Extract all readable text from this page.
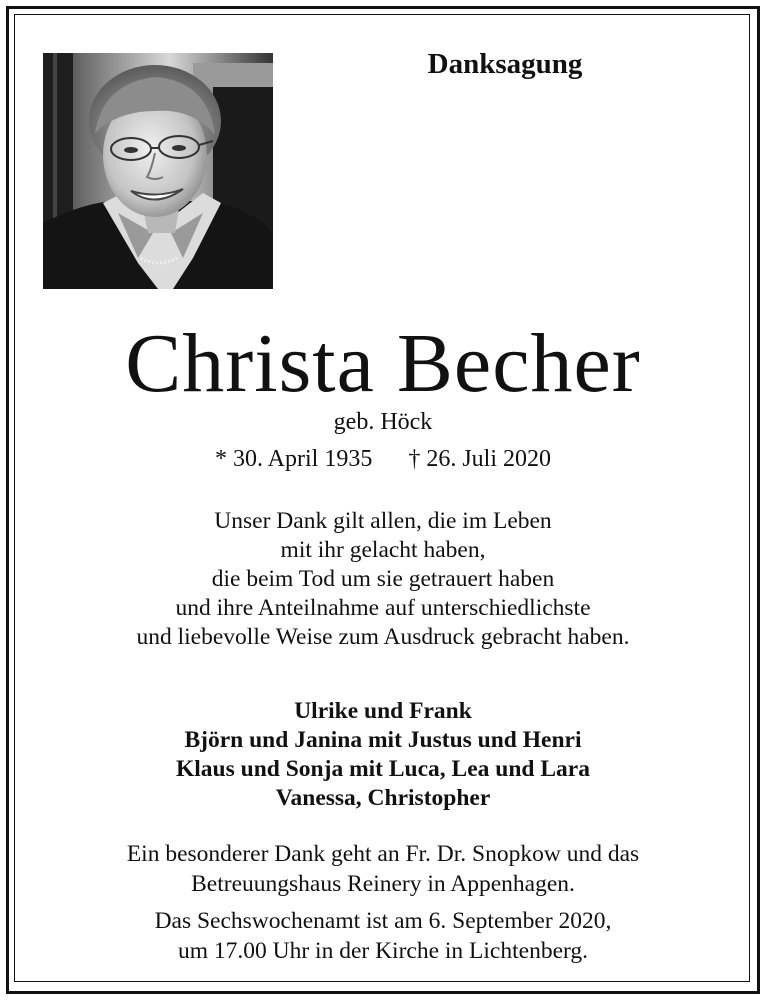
Danksagung
Christa Becher
geb. Höck
* 30. April 1935 † 26. Juli 2020
Unser Dank gilt allen, die im Leben
mit ihr gelacht haben,
die beim Tod um sie getrauert haben
und ihre Anteilnahme auf unterschiedlichste
und liebevolle Weise zum Ausdruck gebracht haben.
Ulrike und Frank
Björn und Janina mit Justus und Henri
Klaus und Sonja mit Luca, Lea und Lara
Vanessa, Christopher
Ein besonderer Dank geht an Fr. Dr. Snopkow und das
Betreuungshaus Reinery in Appenhagen.
Das Sechswochenamt ist am 6. September 2020,
um 17.00 Uhr in der Kirche in Lichtenberg.
